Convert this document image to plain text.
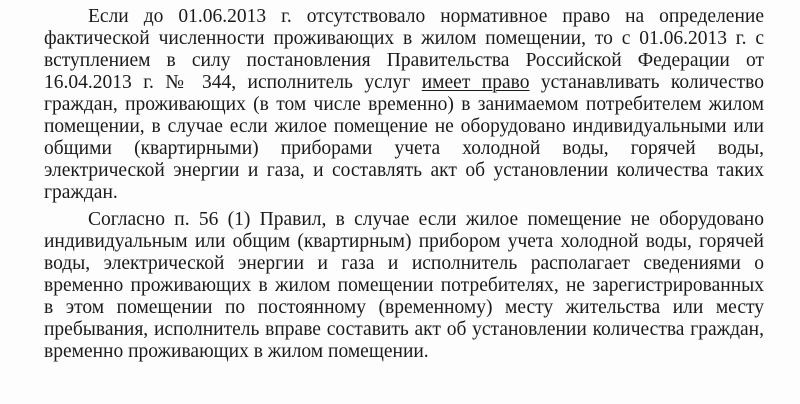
Если до 01.06.2013 г. отсутствовало нормативное право на определение

фактической численности проживающих в жилом помещении, то с 01.06.2013 г. с

вступлением в силу постановления Правительства Российской Федерации от

16.04.2013 г. № 344, исполнитель услуг имеет право устанавливать количество

граждан, проживающих (в том числе временно) в занимаемом потребителем жилом

помещении, в случае если жилое помещение не оборудовано индивидуальными или

общими (квартирными) приборами учета холодной воды, горячей воды,

электрической энергии и газа, и составлять акт об установлении количества таких

граждан.

Согласно п. 56 (1) Правил, в случае если жилое помещение не оборудовано

индивидуальным или общим (квартирным) прибором учета холодной воды, горячей

воды, электрической энергии и газа и исполнитель располагает сведениями о

временно проживающих в жилом помещении потребителях, не зарегистрированных

в этом помещении по постоянному (временному) месту жительства или месту

пребывания, исполнитель вправе составить акт об установлении количества граждан,

временно проживающих в жилом помещении.
